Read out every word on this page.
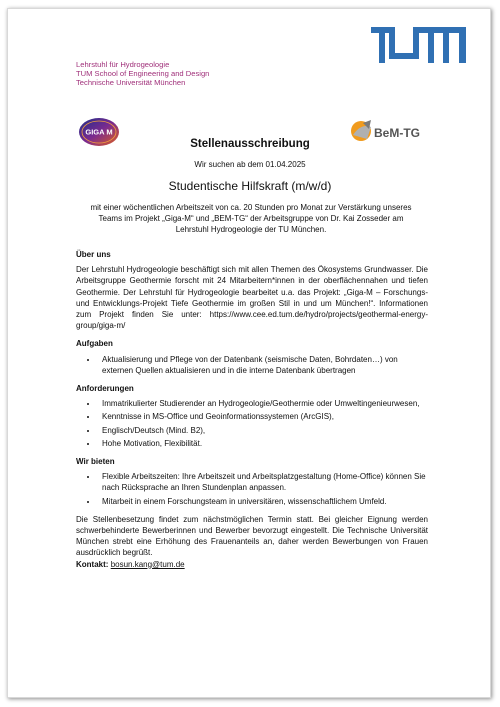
Lehrstuhl für Hydrogeologie
TUM School of Engineering and Design
Technische Universität München
GIGA M	BeM-TG
Stellenausschreibung
Wir suchen ab dem 01.04.2025
Studentische Hilfskraft (m/w/d)
mit einer wöchentlichen Arbeitszeit von ca. 20 Stunden pro Monat zur Verstärkung unseres Teams im Projekt „Giga-M“ und „BEM-TG“ der Arbeitsgruppe von Dr. Kai Zosseder am Lehrstuhl Hydrogeologie der TU München.
Über uns

Der Lehrstuhl Hydrogeologie beschäftigt sich mit allen Themen des Ökosystems Grundwasser. Die Arbeitsgruppe Geothermie forscht mit 24 Mitarbeitern*innen in der oberflächennahen und tiefen Geothermie. Der Lehrstuhl für Hydrogeologie bearbeitet u.a. das Projekt: „Giga-M – Forschungs- und Entwicklungs-Projekt Tiefe Geothermie im großen Stil in und um München!“. Informationen zum Projekt finden Sie unter: https://www.cee.ed.tum.de/hydro/projects/geothermal-energy-group/giga-m/

Aufgaben
• Aktualisierung und Pflege von der Datenbank (seismische Daten, Bohrdaten…) von externen Quellen aktualisieren und in die interne Datenbank übertragen
Anforderungen
• Immatrikulierter Studierender an Hydrogeologie/Geothermie oder Umweltingenieurwesen,
• Kenntnisse in MS-Office und Geoinformationssystemen (ArcGIS),
• Englisch/Deutsch (Mind. B2),
• Hohe Motivation, Flexibilität.
Wir bieten
• Flexible Arbeitszeiten: Ihre Arbeitszeit und Arbeitsplatzgestaltung (Home-Office) können Sie nach Rücksprache an Ihren Stundenplan anpassen.
• Mitarbeit in einem Forschungsteam in universitären, wissenschaftlichem Umfeld.

Die Stellenbesetzung findet zum nächstmöglichen Termin statt. Bei gleicher Eignung werden schwerbehinderte Bewerberinnen und Bewerber bevorzugt eingestellt. Die Technische Universität München strebt eine Erhöhung des Frauenanteils an, daher werden Bewerbungen von Frauen ausdrücklich begrüßt.

Kontakt: bosun.kang@tum.de
